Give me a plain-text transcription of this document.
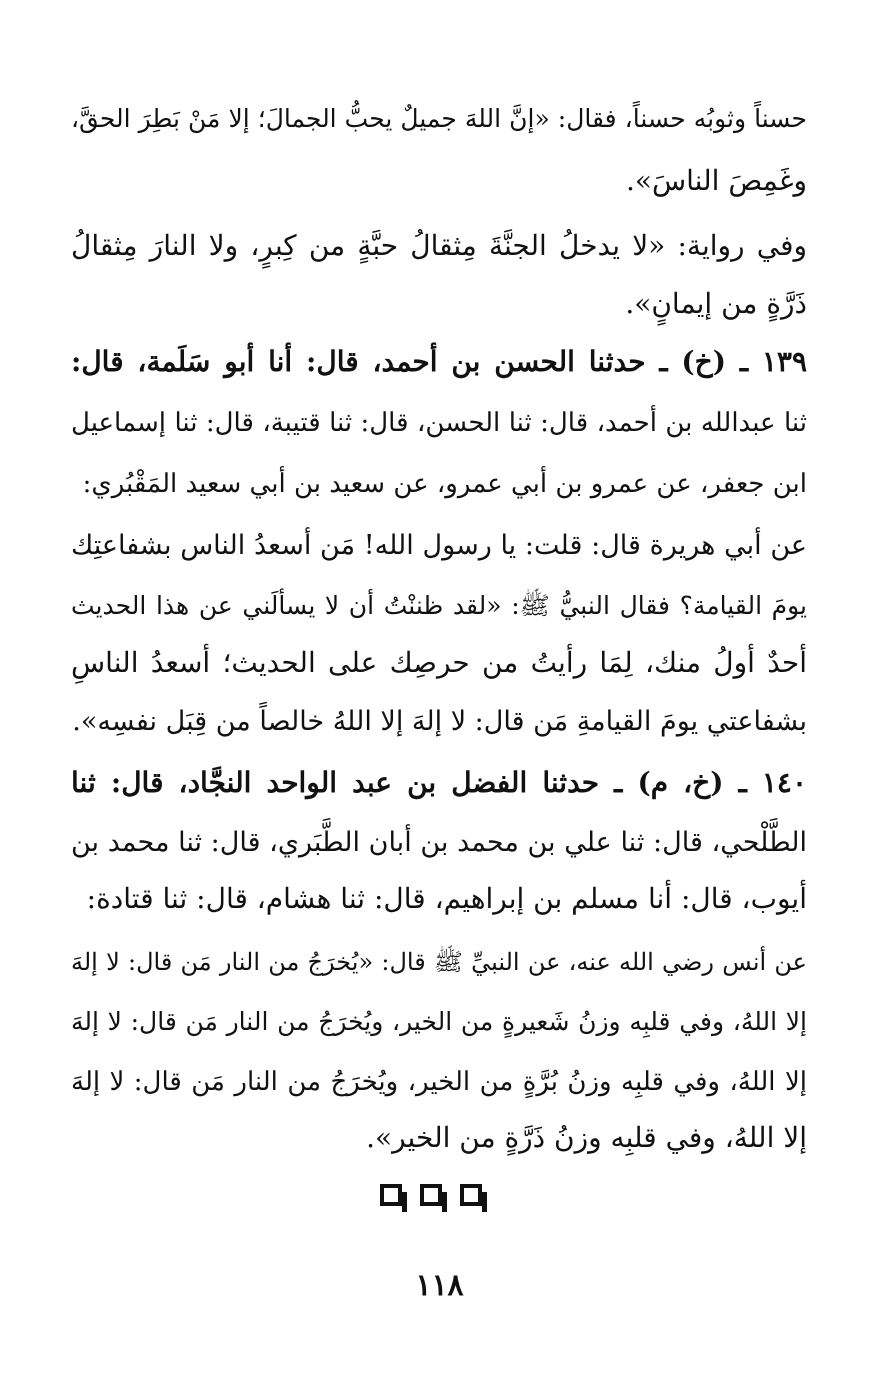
حسناً وثوبُه حسناً، فقال: «إنَّ اللهَ جميلٌ يحبُّ الجمالَ؛ إلا مَنْ بَطِرَ الحقَّ،

وغَمِصَ الناسَ».

وفي رواية: «لا يدخلُ الجنَّةَ مِثقالُ حبَّةٍ من كِبرٍ، ولا النارَ مِثقالُ

ذَرَّةٍ من إيمانٍ».

١٣٩ ـ (خ) ـ حدثنا الحسن بن أحمد، قال: أنا أبو سَلَمة، قال:

ثنا عبدالله بن أحمد، قال: ثنا الحسن، قال: ثنا قتيبة، قال: ثنا إسماعيل

ابن جعفر، عن عمرو بن أبي عمرو، عن سعيد بن أبي سعيد المَقْبُري:

عن أبي هريرة قال: قلت: يا رسول الله! مَن أسعدُ الناس بشفاعتِك

يومَ القيامة؟ فقال النبيُّ ﷺ: «لقد ظننْتُ أن لا يسألَني عن هذا الحديث

أحدٌ أولُ منك، لِمَا رأيتُ من حرصِك على الحديث؛ أسعدُ الناسِ

بشفاعتي يومَ القيامةِ مَن قال: لا إلهَ إلا اللهُ خالصاً من قِبَل نفسِه».

١٤٠ ـ (خ، م) ـ حدثنا الفضل بن عبد الواحد النجَّاد، قال: ثنا

الطَّلْحي، قال: ثنا علي بن محمد بن أبان الطَّبَري، قال: ثنا محمد بن

أيوب، قال: أنا مسلم بن إبراهيم، قال: ثنا هشام، قال: ثنا قتادة:

عن أنس رضي الله عنه، عن النبيِّ ﷺ قال: «يُخرَجُ من النار مَن قال: لا إلهَ

إلا اللهُ، وفي قلبِه وزنُ شَعيرةٍ من الخير، ويُخرَجُ من النار مَن قال: لا إلهَ

إلا اللهُ، وفي قلبِه وزنُ بُرَّةٍ من الخير، ويُخرَجُ من النار مَن قال: لا إلهَ

إلا اللهُ، وفي قلبِه وزنُ ذَرَّةٍ من الخير».

١١٨
